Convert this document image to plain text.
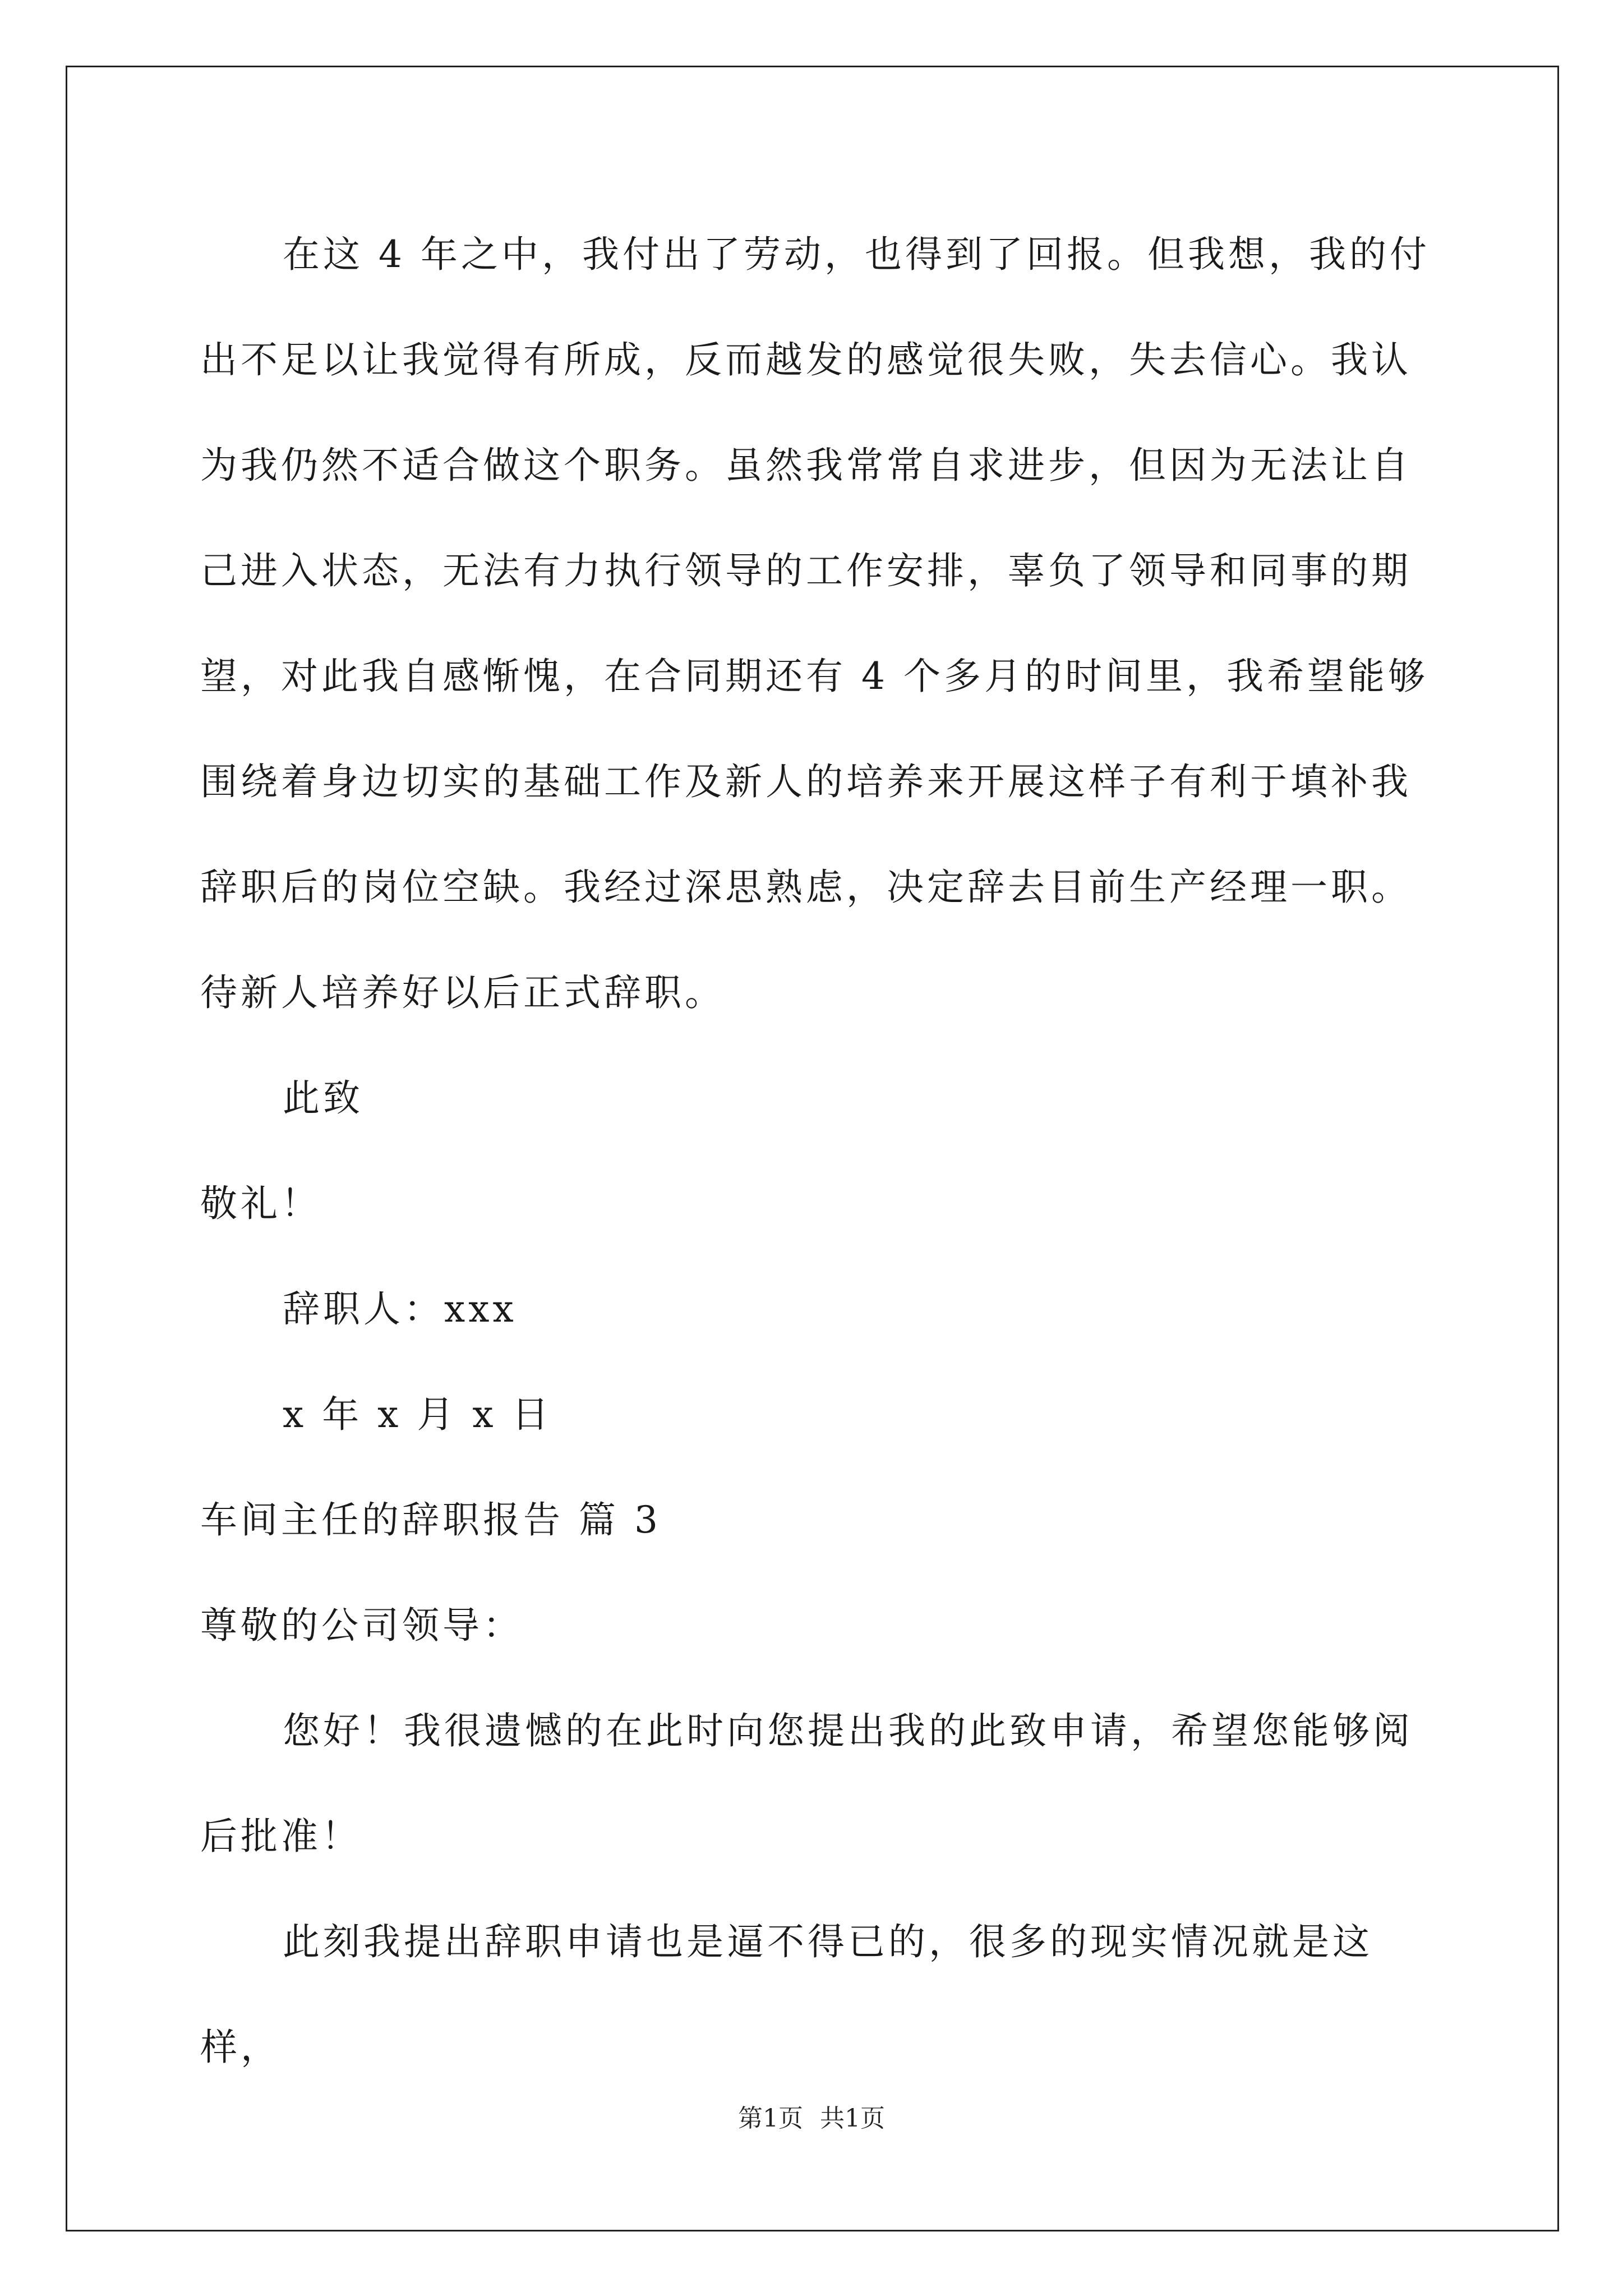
在这 4 年之中，我付出了劳动，也得到了回报。但我想，我的付出不足以让我觉得有所成，反而越发的感觉很失败，失去信心。我认为我仍然不适合做这个职务。虽然我常常自求进步，但因为无法让自己进入状态，无法有力执行领导的工作安排，辜负了领导和同事的期望，对此我自感惭愧，在合同期还有 4 个多月的时间里，我希望能够围绕着身边切实的基础工作及新人的培养来开展这样子有利于填补我辞职后的岗位空缺。我经过深思熟虑，决定辞去目前生产经理一职。待新人培养好以后正式辞职。

此致

敬礼！

辞职人：xxx

x 年 x 月 x 日

车间主任的辞职报告 篇 3

尊敬的公司领导：

您好！我很遗憾的在此时向您提出我的此致申请，希望您能够阅后批准！

此刻我提出辞职申请也是逼不得已的，很多的现实情况就是这样，

第1页 共1页
